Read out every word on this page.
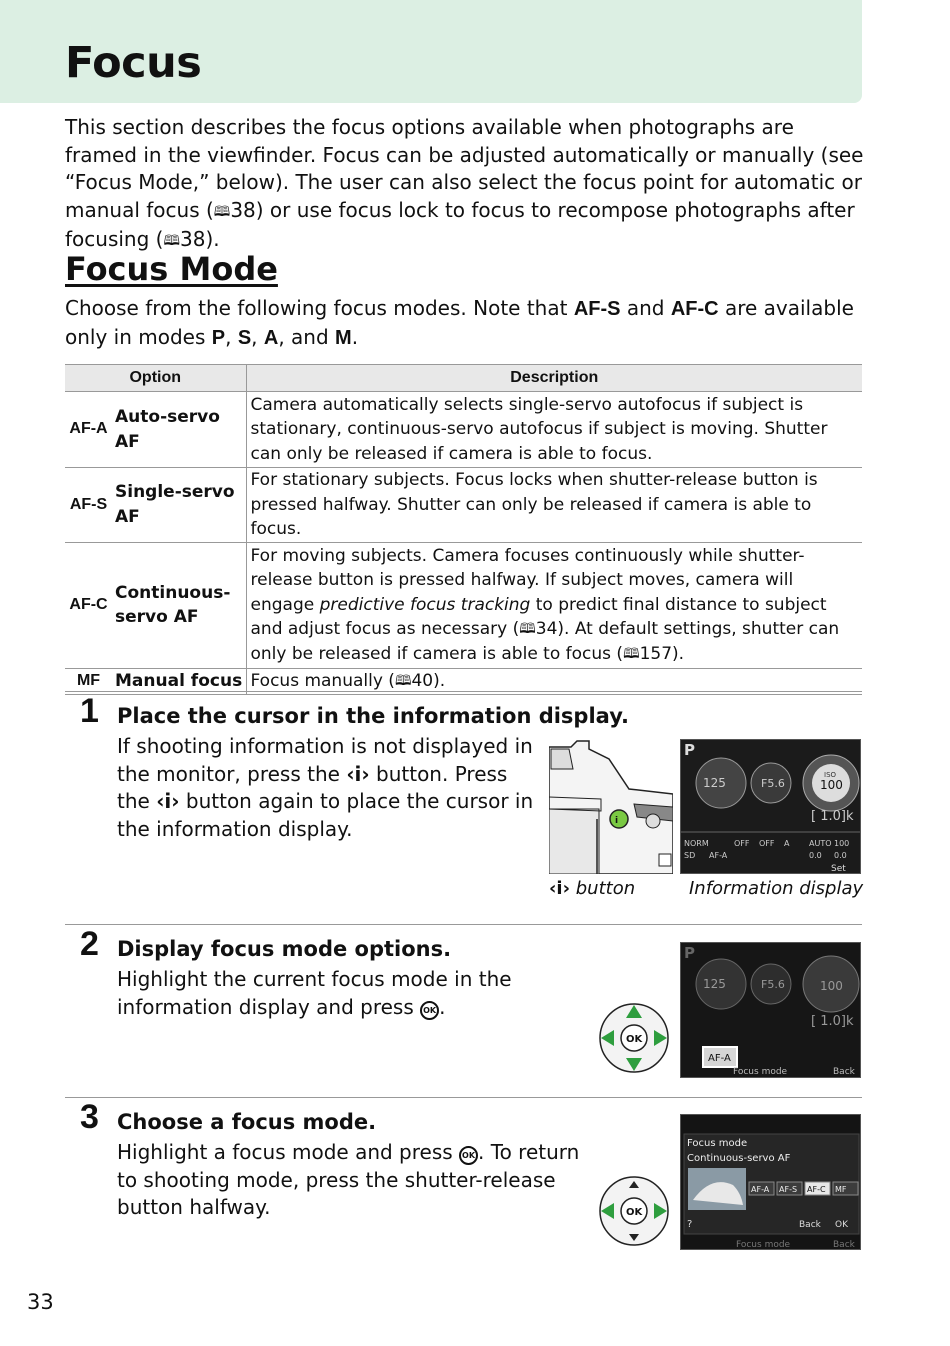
Focus

This section describes the focus options available when photographs are framed in the viewfinder. Focus can be adjusted automatically or manually (see “Focus Mode,” below). The user can also select the focus point for automatic or manual focus (🕮38) or use focus lock to focus to recompose photographs after focusing (🕮38).

Focus Mode

Choose from the following focus modes. Note that AF-S and AF-C are available only in modes P, S, A, and M.

Option		Description
AF-A	Auto-servo AF	Camera automatically selects single-servo autofocus if subject is stationary, continuous-servo autofocus if subject is moving. Shutter can only be released if camera is able to focus.
AF-S	Single-servo AF	For stationary subjects. Focus locks when shutter-release button is pressed halfway. Shutter can only be released if camera is able to focus.
AF-C	Continuous-servo AF	For moving subjects. Camera focuses continuously while shutter-release button is pressed halfway. If subject moves, camera will engage predictive focus tracking to predict final distance to subject and adjust focus as necessary (🕮34). At default settings, shutter can only be released if camera is able to focus (🕮157).
MF	Manual focus	Focus manually (🕮40).
1 Place the cursor in the information display.

If shooting information is not displayed in the monitor, press the ‹i› button. Press the ‹i› button again to place the cursor in the information display.	i
P
125	F5.6
ISO
100
[ 1.0]k
NORM	OFF OFF A AUTO 100
SD AF-A	0.0 0.0
Set
‹i› button	Information display
2 Display focus mode options.

Highlight the current focus mode in the information display and press OK .

OK
P
125	F5.6	100
[ 1.0]k
AF-A
Focus mode	Back
3 Choose a focus mode.

Highlight a focus mode and press OK . To return to shooting mode, press the shutter-release button halfway.	OK
Focus mode
Continuous-servo AF
AF-A AF-S AF-C MF
?	Back OK
Focus mode	Back
33
